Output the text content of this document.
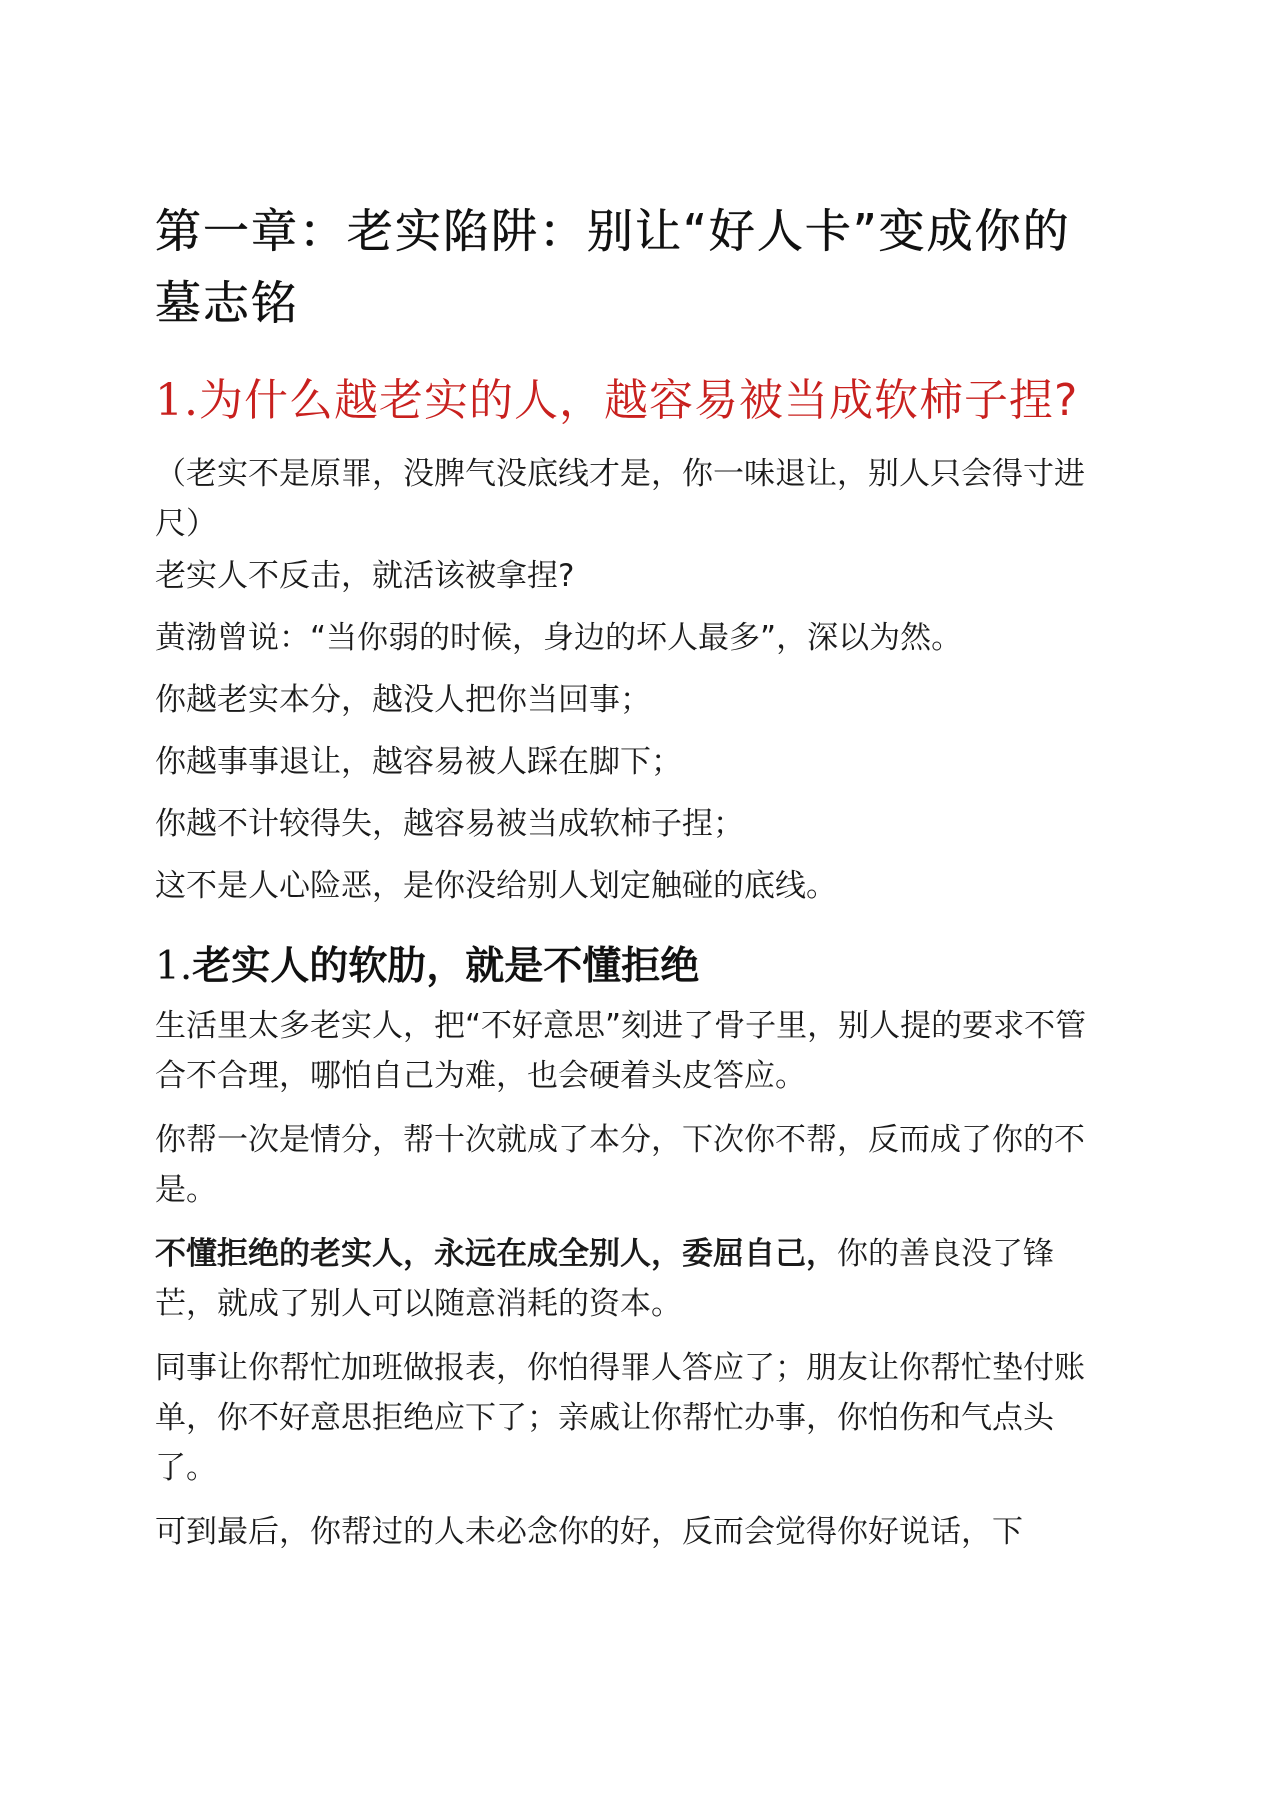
第一章：老实陷阱：别让“好人卡”变成你的墓志铭
1.为什么越老实的人，越容易被当成软柿子捏?

（老实不是原罪，没脾气没底线才是，你一味退让，别人只会得寸进尺）

老实人不反击，就活该被拿捏?

黄渤曾说：“当你弱的时候，身边的坏人最多”，深以为然。

你越老实本分，越没人把你当回事；

你越事事退让，越容易被人踩在脚下；

你越不计较得失，越容易被当成软柿子捏；

这不是人心险恶，是你没给别人划定触碰的底线。

1.老实人的软肋，就是不懂拒绝

生活里太多老实人，把“不好意思”刻进了骨子里，别人提的要求不管合不合理，哪怕自己为难，也会硬着头皮答应。

你帮一次是情分，帮十次就成了本分，下次你不帮，反而成了你的不是。

不懂拒绝的老实人，永远在成全别人，委屈自己，你的善良没了锋芒，就成了别人可以随意消耗的资本。

同事让你帮忙加班做报表，你怕得罪人答应了；朋友让你帮忙垫付账单，你不好意思拒绝应下了；亲戚让你帮忙办事，你怕伤和气点头了。

可到最后，你帮过的人未必念你的好，反而会觉得你好说话，下
